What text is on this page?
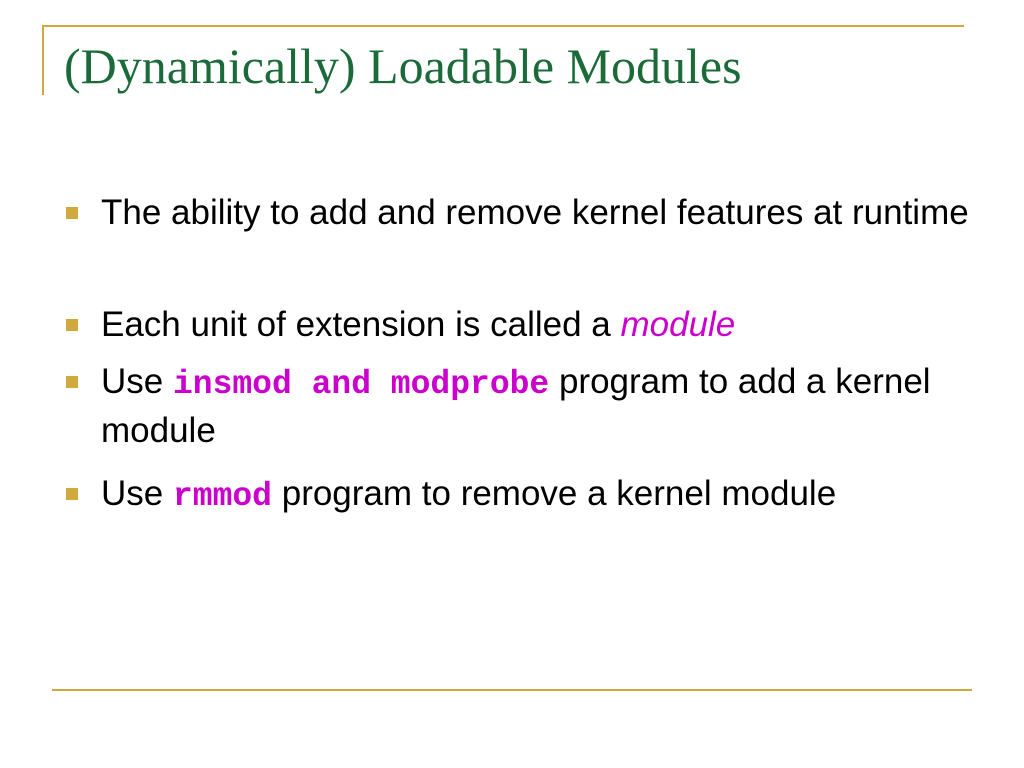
(Dynamically) Loadable Modules
The ability to add and remove kernel features at runtime
Each unit of extension is called a module
Use insmod and modprobe program to add a kernel module
Use rmmod program to remove a kernel module
